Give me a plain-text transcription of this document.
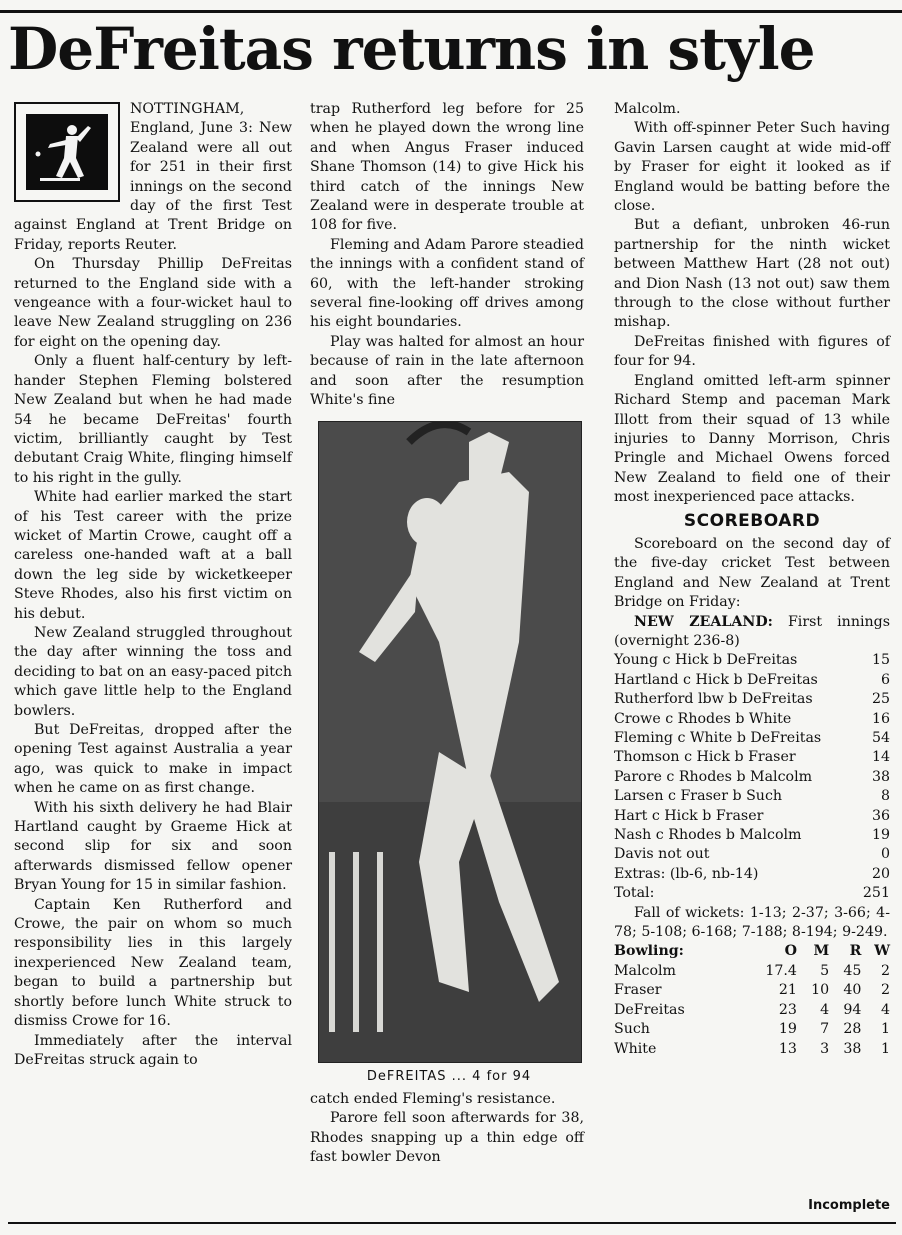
DeFreitas returns in style

NOTTINGHAM, England, June 3: New Zealand were all out for 251 in their first innings on the second day of the first Test against England at Trent Bridge on Friday, reports Reuter.

On Thursday Phillip DeFreitas returned to the England side with a vengeance with a four-wicket haul to leave New Zealand struggling on 236 for eight on the opening day.

Only a fluent half-century by left-hander Stephen Fleming bolstered New Zealand but when he had made 54 he became DeFreitas' fourth victim, brilliantly caught by Test debutant Craig White, flinging himself to his right in the gully.

White had earlier marked the start of his Test career with the prize wicket of Martin Crowe, caught off a careless one-handed waft at a ball down the leg side by wicketkeeper Steve Rhodes, also his first victim on his debut.

New Zealand struggled throughout the day after winning the toss and deciding to bat on an easy-paced pitch which gave little help to the England bowlers.

But DeFreitas, dropped after the opening Test against Australia a year ago, was quick to make in impact when he came on as first change.

With his sixth delivery he had Blair Hartland caught by Graeme Hick at second slip for six and soon afterwards dismissed fellow opener Bryan Young for 15 in similar fashion.

Captain Ken Rutherford and Crowe, the pair on whom so much responsibility lies in this largely inexperienced New Zealand team, began to build a partnership but shortly before lunch White struck to dismiss Crowe for 16.

Immediately after the interval DeFreitas struck again to

trap Rutherford leg before for 25 when he played down the wrong line and when Angus Fraser induced Shane Thomson (14) to give Hick his third catch of the innings New Zealand were in desperate trouble at 108 for five.

Fleming and Adam Parore steadied the innings with a confident stand of 60, with the left-hander stroking several fine-looking off drives among his eight boundaries.

Play was halted for almost an hour because of rain in the late afternoon and soon after the resumption White's fine

DeFREITAS ... 4 for 94

catch ended Fleming's resistance.

Parore fell soon afterwards for 38, Rhodes snapping up a thin edge off fast bowler Devon

Malcolm.

With off-spinner Peter Such having Gavin Larsen caught at wide mid-off by Fraser for eight it looked as if England would be batting before the close.

But a defiant, unbroken 46-run partnership for the ninth wicket between Matthew Hart (28 not out) and Dion Nash (13 not out) saw them through to the close without further mishap.

DeFreitas finished with figures of four for 94.

England omitted left-arm spinner Richard Stemp and paceman Mark Illott from their squad of 13 while injuries to Danny Morrison, Chris Pringle and Michael Owens forced New Zealand to field one of their most inexperienced pace attacks.

SCOREBOARD

Scoreboard on the second day of the five-day cricket Test between England and New Zealand at Trent Bridge on Friday:

NEW ZEALAND: First innings (overnight 236-8)

Young c Hick b DeFreitas	15
Hartland c Hick b DeFreitas	6
Rutherford lbw b DeFreitas	25
Crowe c Rhodes b White	16
Fleming c White b DeFreitas	54
Thomson c Hick b Fraser	14
Parore c Rhodes b Malcolm	38
Larsen c Fraser b Such	8
Hart c Hick b Fraser	36
Nash c Rhodes b Malcolm	19
Davis not out	0
Extras: (lb-6, nb-14)	20
Total:	251

Fall of wickets: 1-13; 2-37; 3-66; 4-78; 5-108; 6-168; 7-188; 8-194; 9-249.

Bowling:	O	M	R	W
Malcolm	17.4	5	45	2
Fraser	21	10	40	2
DeFreitas	23	4	94	4
Such	19	7	28	1
White	13	3	38	1
Incomplete
